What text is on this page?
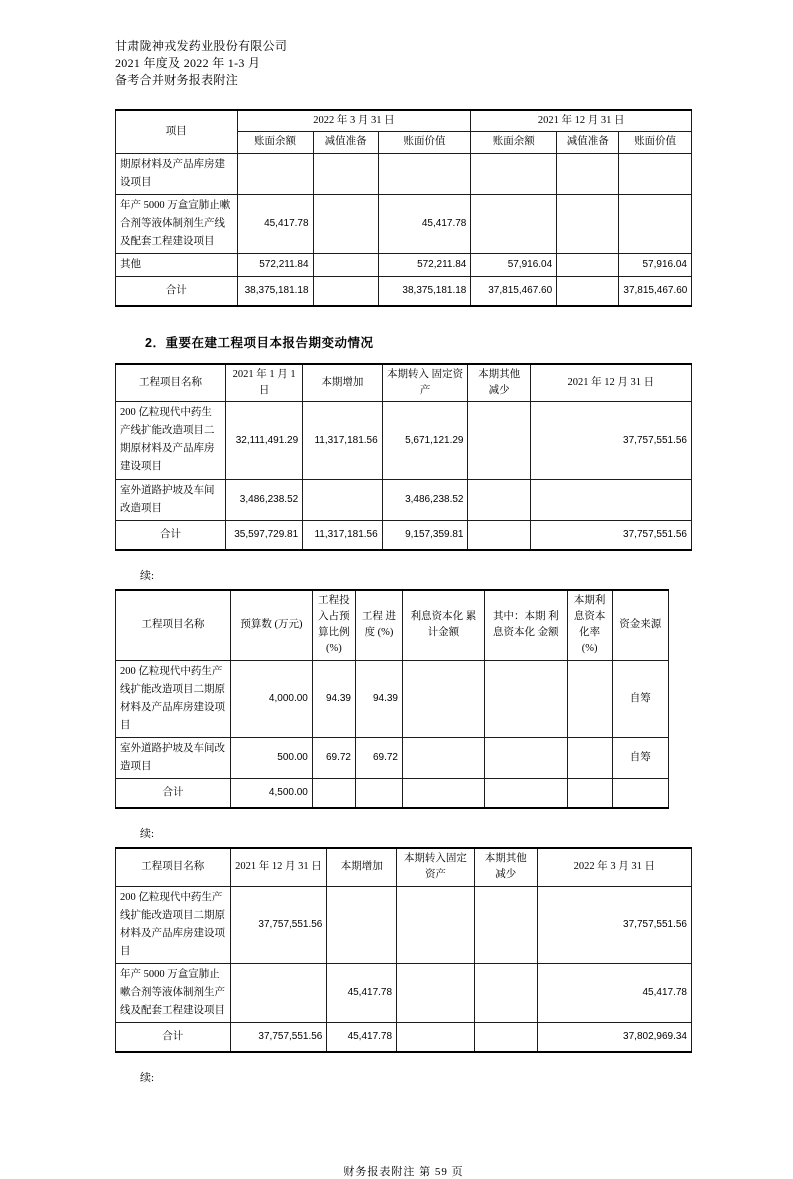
甘肃陇神戎发药业股份有限公司
2021 年度及 2022 年 1-3 月
备考合并财务报表附注
项目	2022 年 3 月 31 日			2021 年 12 月 31 日		
	账面余额	减值准备	账面价值	账面余额	减值准备	账面价值
期原材料及产品库房建设项目						
年产 5000 万盒宣肺止嗽合剂等液体制剂生产线及配套工程建设项目	45,417.78		45,417.78			
其他	572,211.84		572,211.84	57,916.04		57,916.04
合计	38,375,181.18		38,375,181.18	37,815,467.60		37,815,467.60
2．重要在建工程项目本报告期变动情况
工程项目名称	2021 年 1 月 1 日	本期增加	本期转入 固定资产	本期其他 减少	2021 年 12 月 31 日
200 亿粒现代中药生产线扩能改造项目二期原材料及产品库房建设项目	32,111,491.29	11,317,181.56	5,671,121.29		37,757,551.56
室外道路护坡及车间改造项目	3,486,238.52		3,486,238.52		
合计	35,597,729.81	11,317,181.56	9,157,359.81		37,757,551.56
续:
工程项目名称	预算数 (万元)	工程投入占预算比例(%)	工程 进度 (%)	利息资本化 累计金额	其中：本期 利息资本化 金额	本期利息资本化率(%)	资金来源
200 亿粒现代中药生产线扩能改造项目二期原材料及产品库房建设项目	4,000.00	94.39	94.39				自筹
室外道路护坡及车间改造项目	500.00	69.72	69.72				自筹
合计	4,500.00						
续:
工程项目名称	2021 年 12 月 31 日	本期增加	本期转入固定 资产	本期其他 减少	2022 年 3 月 31 日
200 亿粒现代中药生产线扩能改造项目二期原材料及产品库房建设项目	37,757,551.56				37,757,551.56
年产 5000 万盒宣肺止嗽合剂等液体制剂生产线及配套工程建设项目		45,417.78			45,417.78
合计	37,757,551.56	45,417.78			37,802,969.34
续:
财务报表附注 第 59 页
